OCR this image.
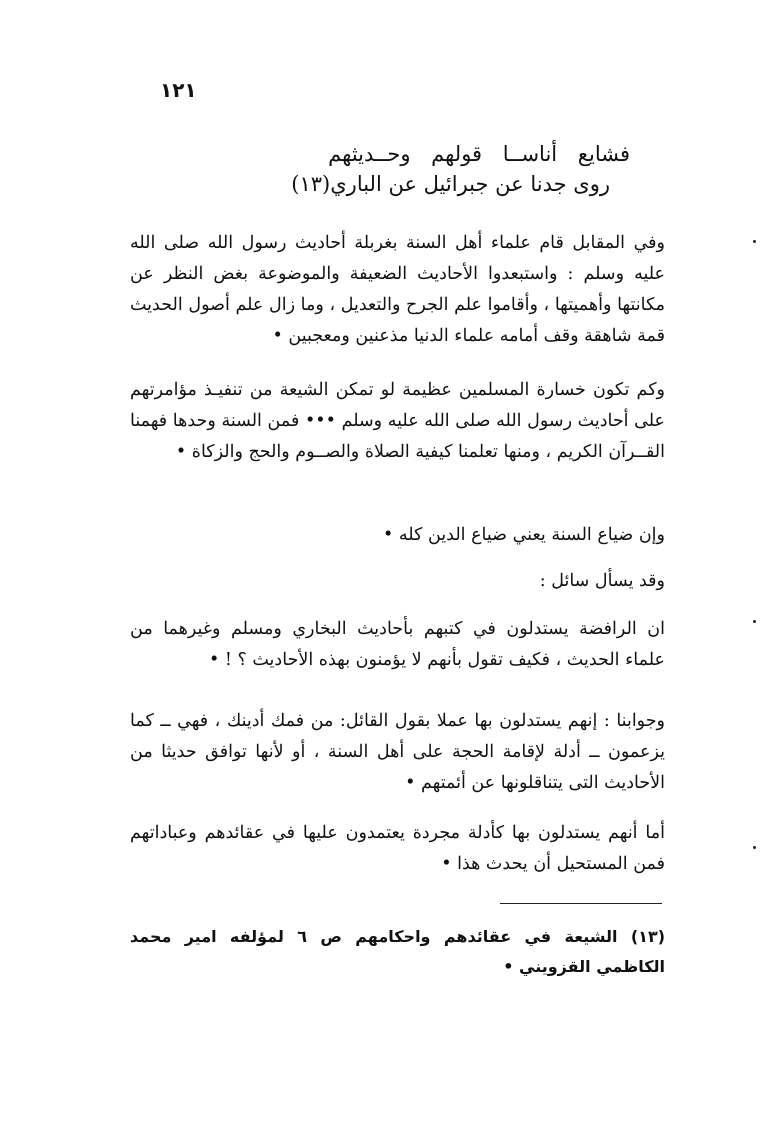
١٢١
فشايع أناســا قولهم وحــديثهم
روى جدنا عن جبرائيل عن الباري(١٣)

وفي المقابل قام علماء أهل السنة بغربلة أحاديث رسول الله صلى الله عليه وسلم : واستبعدوا الأحاديث الضعيفة والموضوعة بغض النظر عن مكانتها وأهميتها ، وأقاموا علم الجرح والتعديل ، وما زال علم أصول الحديث قمة شاهقة وقف أمامه علماء الدنيا مذعنين ومعجبين •

وكم تكون خسارة المسلمين عظيمة لو تمكن الشيعة من تنفيـذ مؤامرتهم على أحاديث رسول الله صلى الله عليه وسلم ••• فمن السنة وحدها فهمنا القــرآن الكريم ، ومنها تعلمنا كيفية الصلاة والصــوم والحج والزكاة •

وإن ضياع السنة يعني ضياع الدين كله •

وقد يسأل سائل :

ان الرافضة يستدلون في كتبهم بأحاديث البخاري ومسلم وغيرهما من علماء الحديث ، فكيف تقول بأنهم لا يؤمنون بهذه الأحاديث ؟ ! •

وجوابنا : إنهم يستدلون بها عملا بقول القائل: من فمك أدينك ، فهي ــ كما يزعمون ــ أدلة لإقامة الحجة على أهل السنة ، أو لأنها توافق حديثا من الأحاديث التى يتناقلونها عن أئمتهم •

أما أنهم يستدلون بها كأدلة مجردة يعتمدون عليها في عقائدهم وعباداتهم فمن المستحيل أن يحدث هذا •

(١٣) الشيعة في عقائدهم واحكامهم ص ٦ لمؤلفه امير محمد الكاظمي القزويني •
